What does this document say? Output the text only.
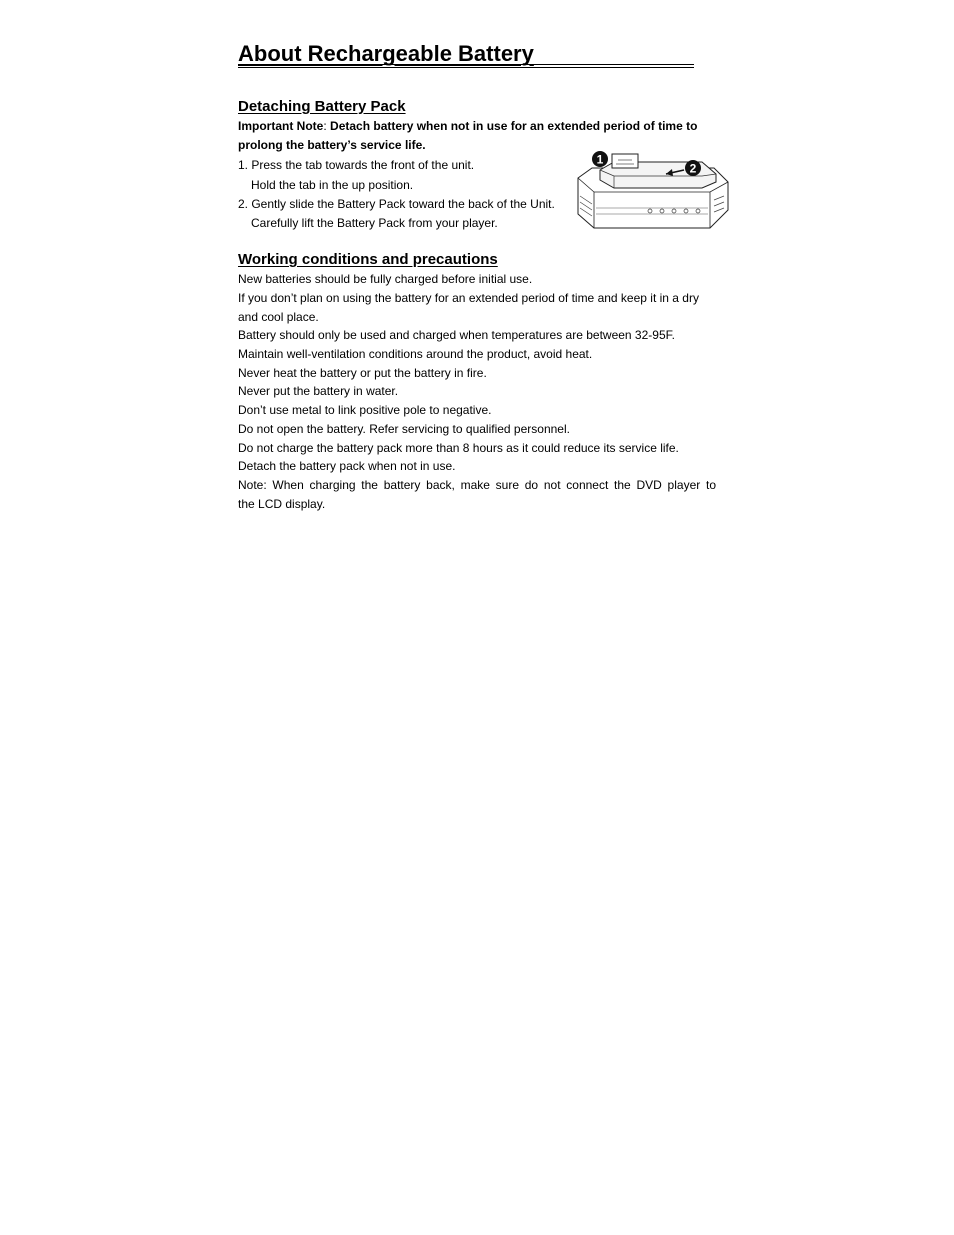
About Rechargeable Battery
Detaching Battery Pack
Important Note: Detach battery when not in use for an extended period of time to
prolong the battery’s service life.
1. Press the tab towards the front of the unit.
Hold the tab in the up position.
2. Gently slide the Battery Pack toward the back of the Unit.
Carefully lift the Battery Pack from your player.
Working conditions and precautions
New batteries should be fully charged before initial use.
If you don’t plan on using the battery for an extended period of time and keep it in a dry
and cool place.
Battery should only be used and charged when temperatures are between 32-95F.
Maintain well-ventilation conditions around the product, avoid heat.
Never heat the battery or put the battery in fire.
Never put the battery in water.
Don’t use metal to link positive pole to negative.
Do not open the battery. Refer servicing to qualified personnel.
Do not charge the battery pack more than 8 hours as it could reduce its service life.
Detach the battery pack when not in use.
Note: When charging the battery back, make sure do not connect the DVD player to
the LCD display.
1
2
